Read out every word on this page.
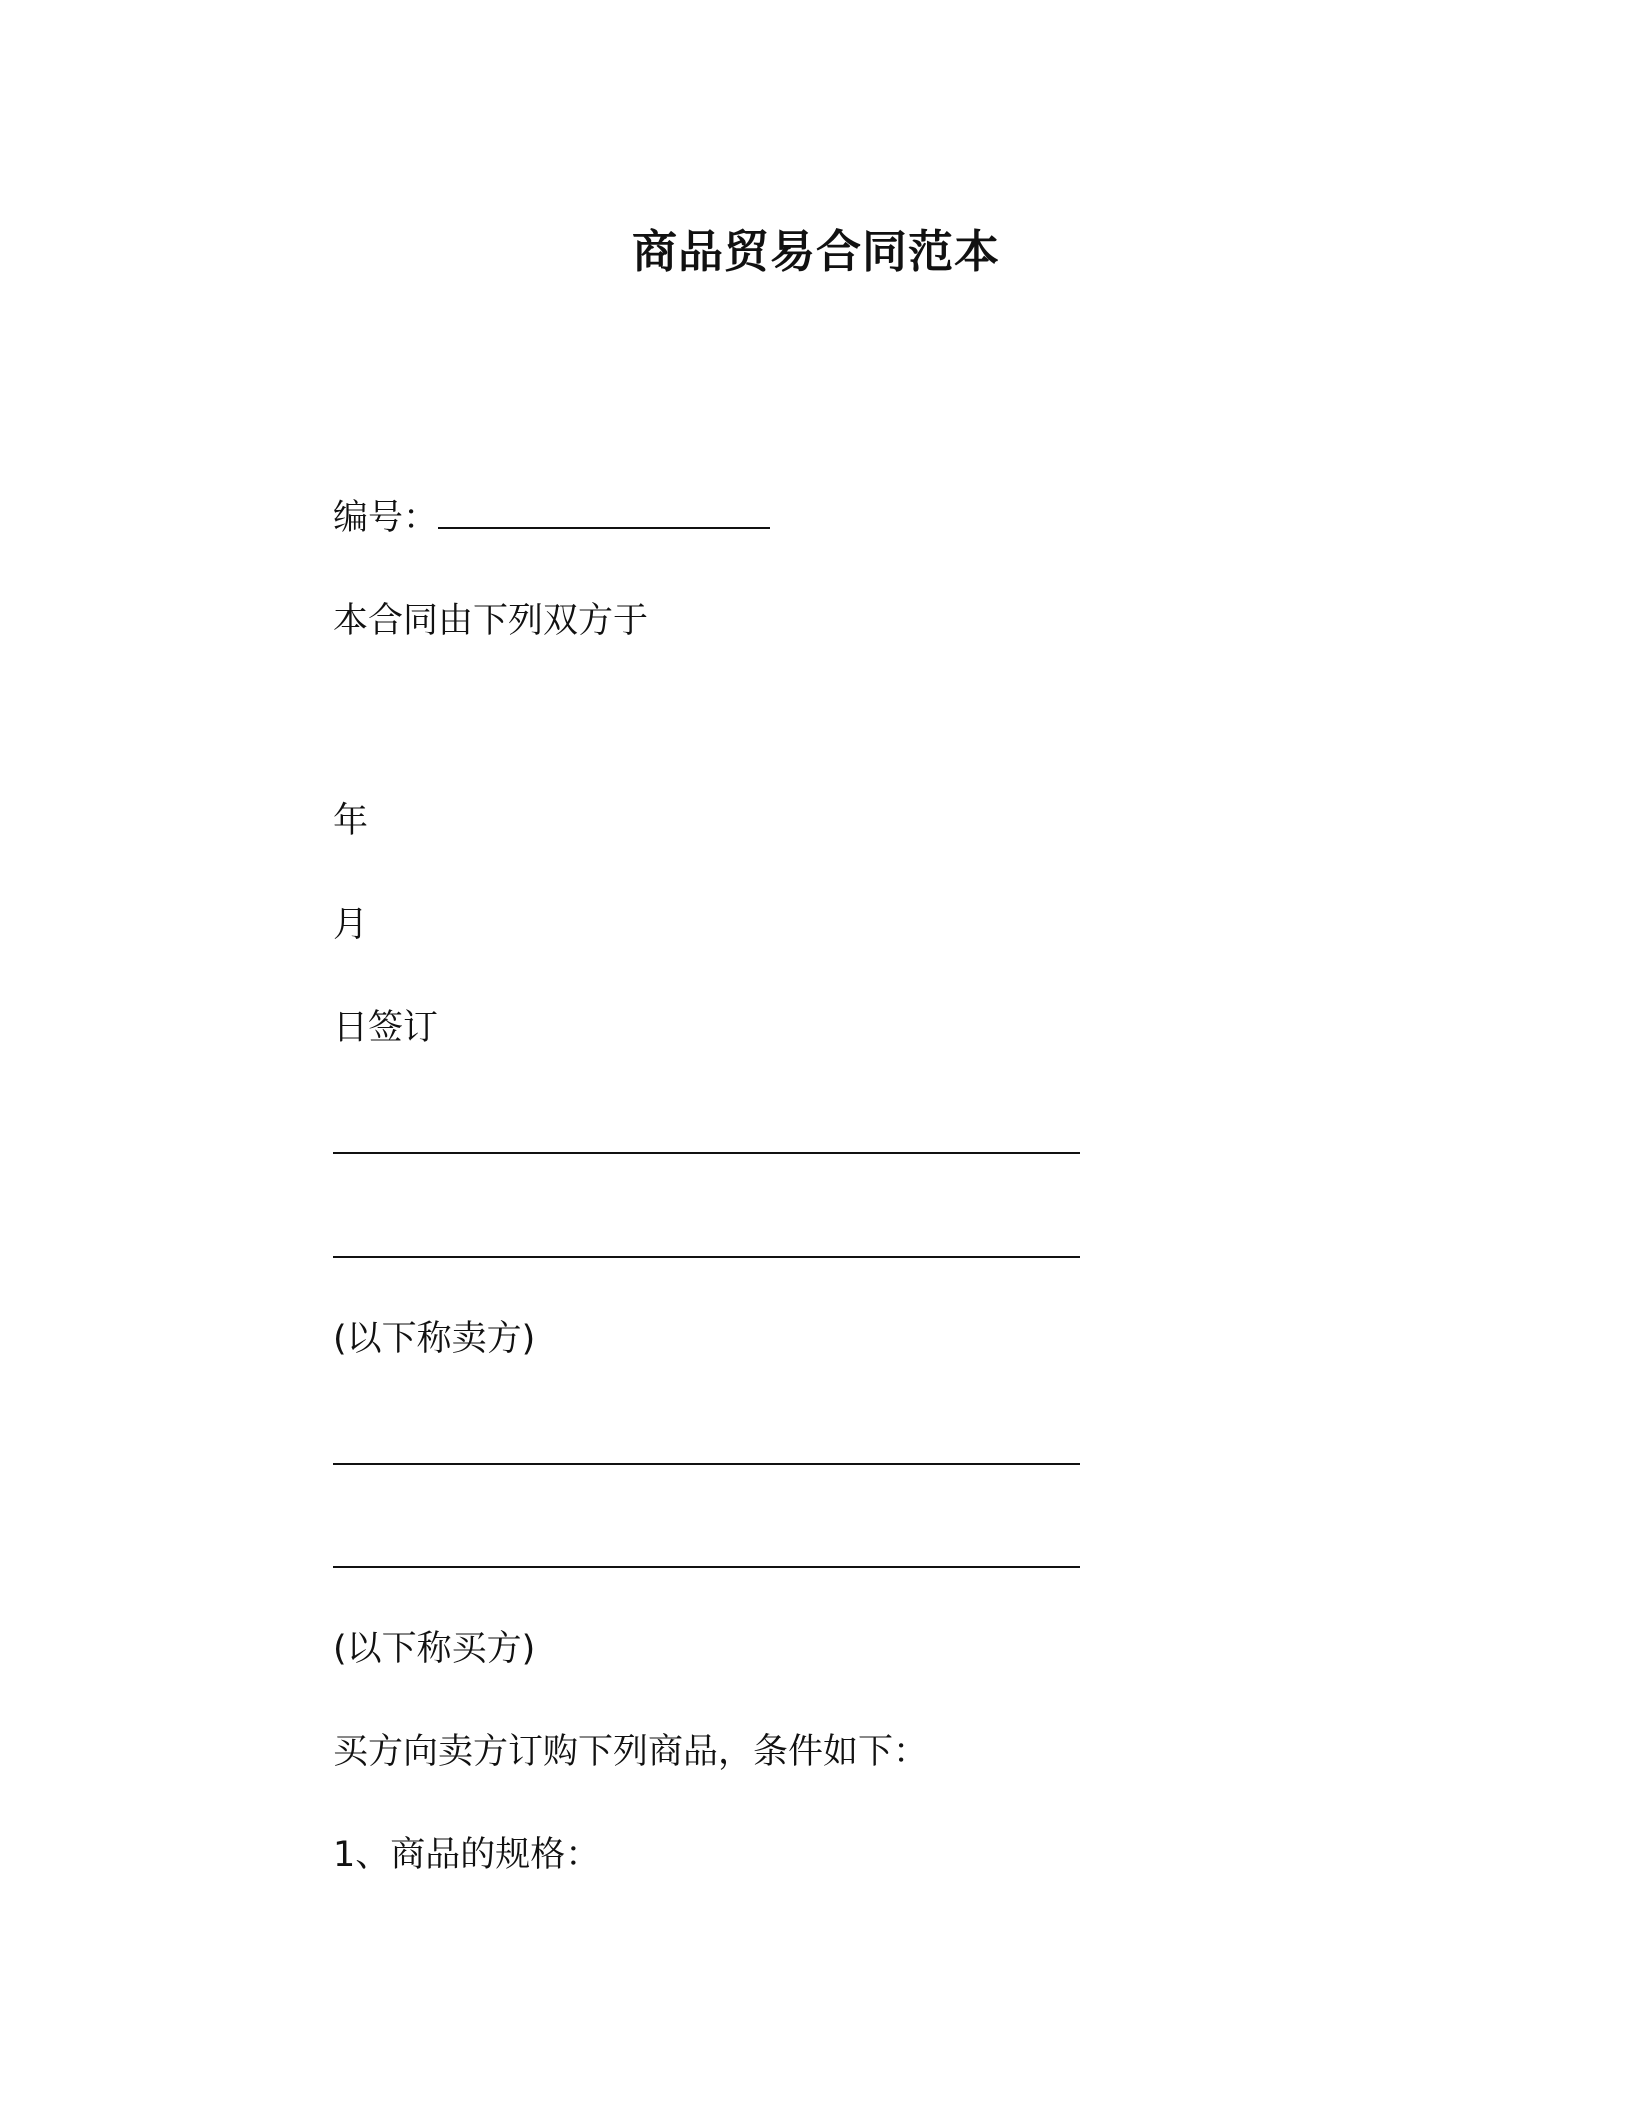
商品贸易合同范本

编号：

本合同由下列双方于

年

月

日签订

(以下称卖方)

(以下称买方)

买方向卖方订购下列商品，条件如下：

1、商品的规格：
